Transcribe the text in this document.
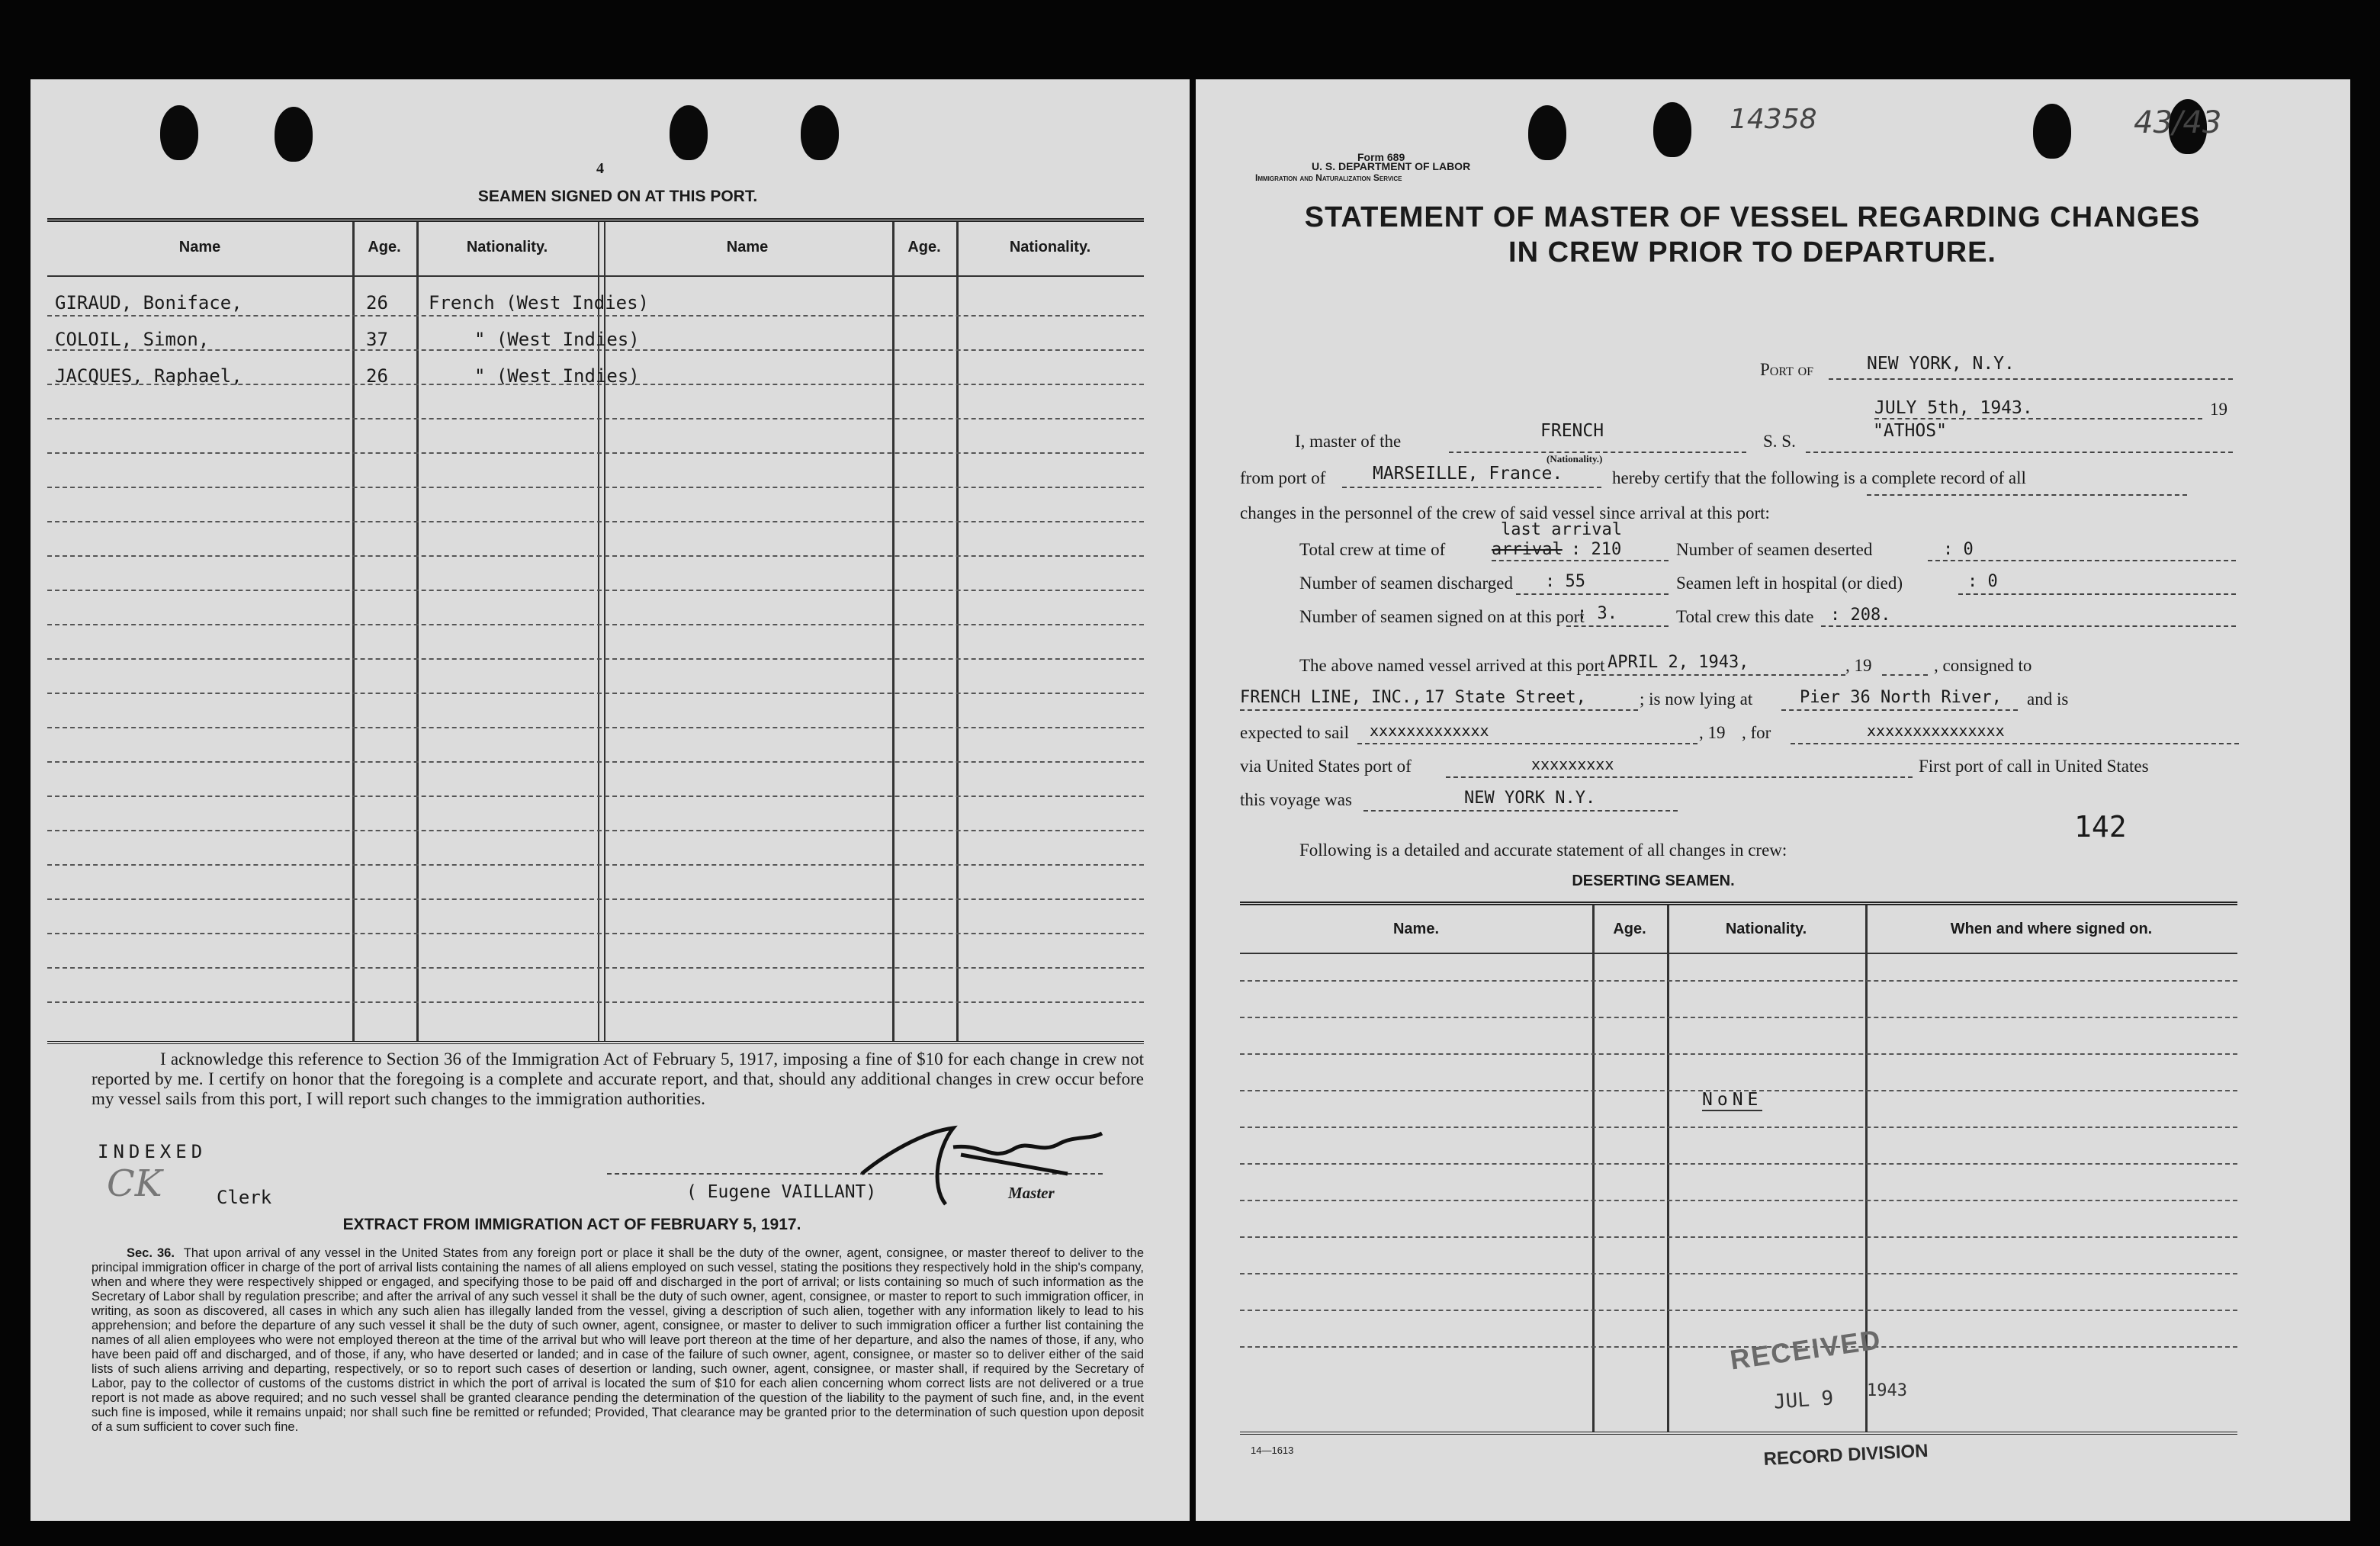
4
SEAMEN SIGNED ON AT THIS PORT.
Name	Age.	Nationality.	Name	Age.	Nationality.
GIRAUD, Boniface,	26 French (West Indies)
COLOIL, Simon,	37	" (West Indies)
JACQUES, Raphael,	26	" (West Indies)
I acknowledge this reference to Section 36 of the Immigration Act of February 5, 1917, imposing a fine of $10 for each change in crew not reported by me. I certify on honor that the foregoing is a complete and accurate report, and that, should any additional changes in crew occur before my vessel sails from this port, I will report such changes to the immigration authorities.
INDEXED
CK	Clerk	( Eugene VAILLANT)	Master
EXTRACT FROM IMMIGRATION ACT OF FEBRUARY 5, 1917.
Sec. 36. That upon arrival of any vessel in the United States from any foreign port or place it shall be the duty of the owner, agent, consignee, or master thereof to deliver to the principal immigration officer in charge of the port of arrival lists containing the names of all aliens employed on such vessel, stating the positions they respectively hold in the ship's company, when and where they were respectively shipped or engaged, and specifying those to be paid off and discharged in the port of arrival; or lists containing so much of such information as the Secretary of Labor shall by regulation prescribe; and after the arrival of any such vessel it shall be the duty of such owner, agent, consignee, or master to report to such immigration officer, in writing, as soon as discovered, all cases in which any such alien has illegally landed from the vessel, giving a description of such alien, together with any information likely to lead to his apprehension; and before the departure of any such vessel it shall be the duty of such owner, agent, consignee, or master to deliver to such immigration officer a further list containing the names of all alien employees who were not employed thereon at the time of the arrival but who will leave port thereon at the time of her departure, and also the names of those, if any, who have been paid off and discharged, and of those, if any, who have deserted or landed; and in case of the failure of such owner, agent, consignee, or master so to deliver either of the said lists of such aliens arriving and departing, respectively, or so to report such cases of desertion or landing, such owner, agent, consignee, or master shall, if required by the Secretary of Labor, pay to the collector of customs of the customs district in which the port of arrival is located the sum of $10 for each alien concerning whom correct lists are not delivered or a true report is not made as above required; and no such vessel shall be granted clearance pending the determination of the question of the liability to the payment of such fine, and, in the event such fine is imposed, while it remains unpaid; nor shall such fine be remitted or refunded; Provided, That clearance may be granted prior to the determination of such question upon deposit of a sum sufficient to cover such fine.
14358	43/43
Form 689
U. S. DEPARTMENT OF LABOR
Immigration and Naturalization Service
STATEMENT OF MASTER OF VESSEL REGARDING CHANGES
IN CREW PRIOR TO DEPARTURE.
Port of	NEW YORK, N.Y.
JULY 5th, 1943.	19
I, master of the
FRENCH
(Nationality.)
S. S.
"ATHOS"
from port of	MARSEILLE, France.	hereby certify that the following is a complete record of all
changes in the personnel of the crew of said vessel since arrival at this port:
last arrival
Total crew at time of	arrival : 210	Number of seamen deserted	: 0
Number of seamen discharged : 55	Seamen left in hospital (or died)	: 0
Number of seamen signed on at this port
: 3.	Total crew this date : 208.
The above named vessel arrived at this port APRIL 2, 1943,	, 19	, consigned to
FRENCH LINE, INC., 17 State Street,	; is now lying at	Pier 36 North River, and is
expected to sail xxxxxxxxxxxxx	, 19 , for	xxxxxxxxxxxxxxx
via United States port of	xxxxxxxxx	First port of call in United States
this voyage was	NEW YORK N.Y.
142
Following is a detailed and accurate statement of all changes in crew:
DESERTING SEAMEN.
Name.	Age.	Nationality.	When and where signed on.
NoNE
RECEIVED
JUL 9 1943
14—1613	RECORD DIVISION
